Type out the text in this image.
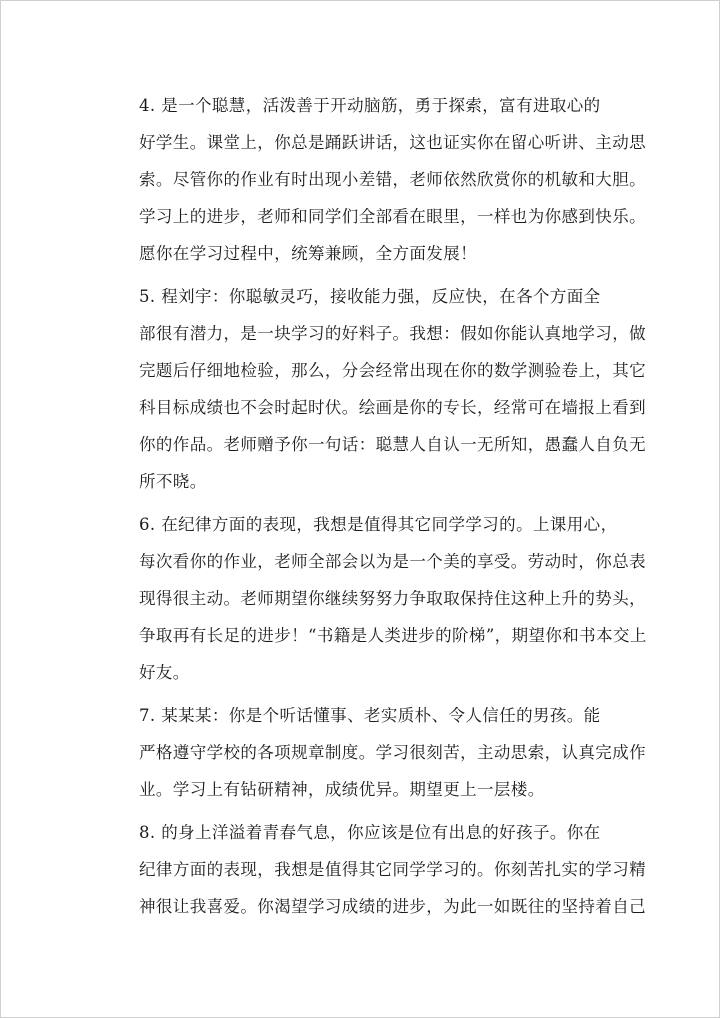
4. 是一个聪慧，活泼善于开动脑筋，勇于探索，富有进取心的
好学生。课堂上，你总是踊跃讲话，这也证实你在留心听讲、主动思
索。尽管你的作业有时出现小差错，老师依然欣赏你的机敏和大胆。
学习上的进步，老师和同学们全部看在眼里，一样也为你感到快乐。
愿你在学习过程中，统筹兼顾，全方面发展！
5. 程刘宇：你聪敏灵巧，接收能力强，反应快，在各个方面全
部很有潜力，是一块学习的好料子。我想：假如你能认真地学习，做
完题后仔细地检验，那么，分会经常出现在你的数学测验卷上，其它
科目标成绩也不会时起时伏。绘画是你的专长，经常可在墙报上看到
你的作品。老师赠予你一句话：聪慧人自认一无所知，愚蠢人自负无
所不晓。
6. 在纪律方面的表现，我想是值得其它同学学习的。上课用心，
每次看你的作业，老师全部会以为是一个美的享受。劳动时，你总表
现得很主动。老师期望你继续努努力争取取保持住这种上升的势头，
争取再有长足的进步！“书籍是人类进步的阶梯”，期望你和书本交上
好友。
7. 某某某：你是个听话懂事、老实质朴、令人信任的男孩。能
严格遵守学校的各项规章制度。学习很刻苦，主动思索，认真完成作
业。学习上有钻研精神，成绩优异。期望更上一层楼。
8. 的身上洋溢着青春气息，你应该是位有出息的好孩子。你在
纪律方面的表现，我想是值得其它同学学习的。你刻苦扎实的学习精
神很让我喜爱。你渴望学习成绩的进步，为此一如既往的坚持着自己
